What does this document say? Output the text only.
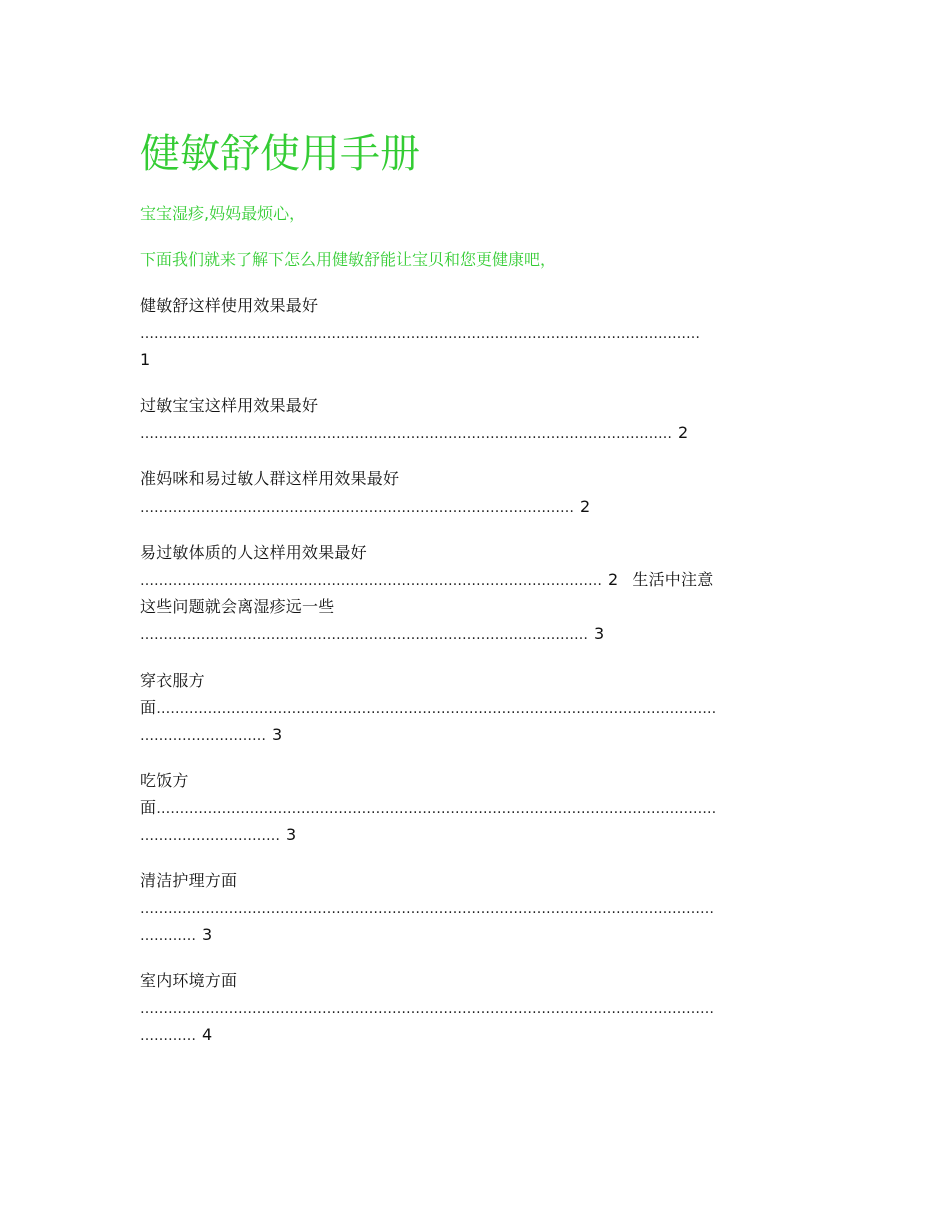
健敏舒使用手册
宝宝湿疹,妈妈最烦心，
下面我们就来了解下怎么用健敏舒能让宝贝和您更健康吧，
健敏舒这样使用效果最好
…………………………………………………………………………………………………………
1
过敏宝宝这样用效果最好
…………………………………………………………………………………………………… 2
准妈咪和易过敏人群这样用效果最好
………………………………………………………………………………… 2
易过敏体质的人这样用效果最好
……………………………………………………………………………………… 2 生活中注意
这些问题就会离湿疹远一些
…………………………………………………………………………………… 3
穿衣服方
面…………………………………………………………………………………………………………
……………………… 3
吃饭方
面…………………………………………………………………………………………………………
………………………… 3
清洁护理方面
……………………………………………………………………………………………………………
………… 3
室内环境方面
……………………………………………………………………………………………………………
………… 4
